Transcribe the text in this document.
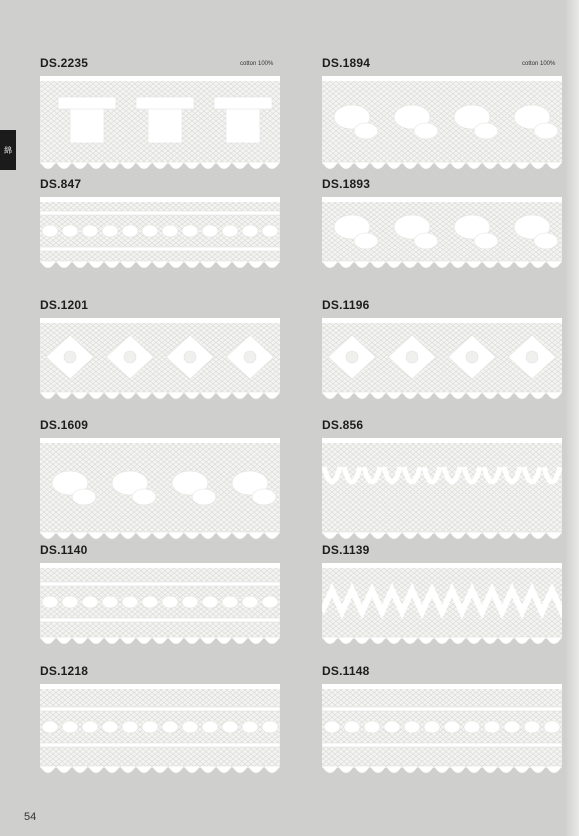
綿
DS.2235	cotton 100%	DS.1894	cotton 100%
DS.847	DS.1893
DS.1201	DS.1196
DS.1609	DS.856
DS.1140	DS.1139
DS.1218	DS.1148
54
